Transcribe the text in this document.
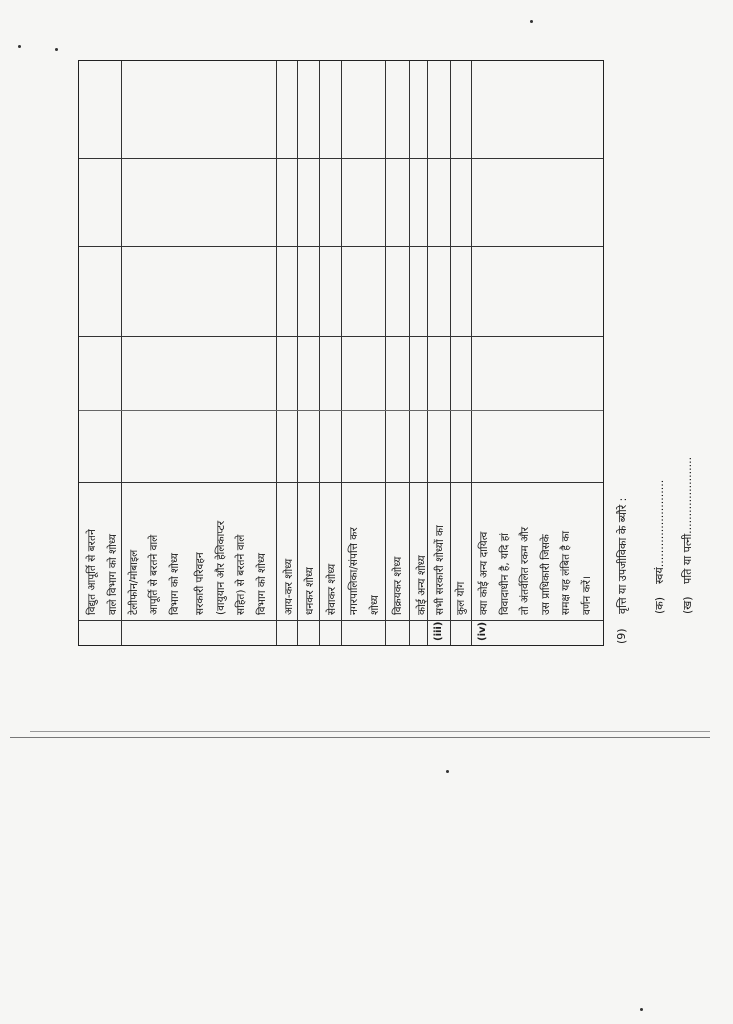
विद्युत आपूर्ति से बरतने वाले विभाग को शोध्य टेलीफोन/मोबाइल आपूर्ति से बरतने वाले विभाग को शोध्य सरकारी परिवहन (वायुयान और हेलिकाप्टर सहित) से बरतने वाले विभाग को शोध्य आय-कर शोध्य धनकर शोध्य सेवाकर शोध्य नगरपालिका/संपत्ति कर शोध्य विक्रयकर शोध्य कोई अन्य शोध्य सभी सरकारी शोध्यों का कुल योग
(iii)
क्या कोई अन्य दायित्व विवादाधीन है, यदि हां तो अंतर्वलित रकम और उस प्राधिकारी जिसके समक्ष यह लंबित है का वर्णन करें।
(iv)	(9)
वृत्ति या उपजीविका के ब्यौरे : (क)
स्वयं.........................
(ख)
पति या पत्नी......................
